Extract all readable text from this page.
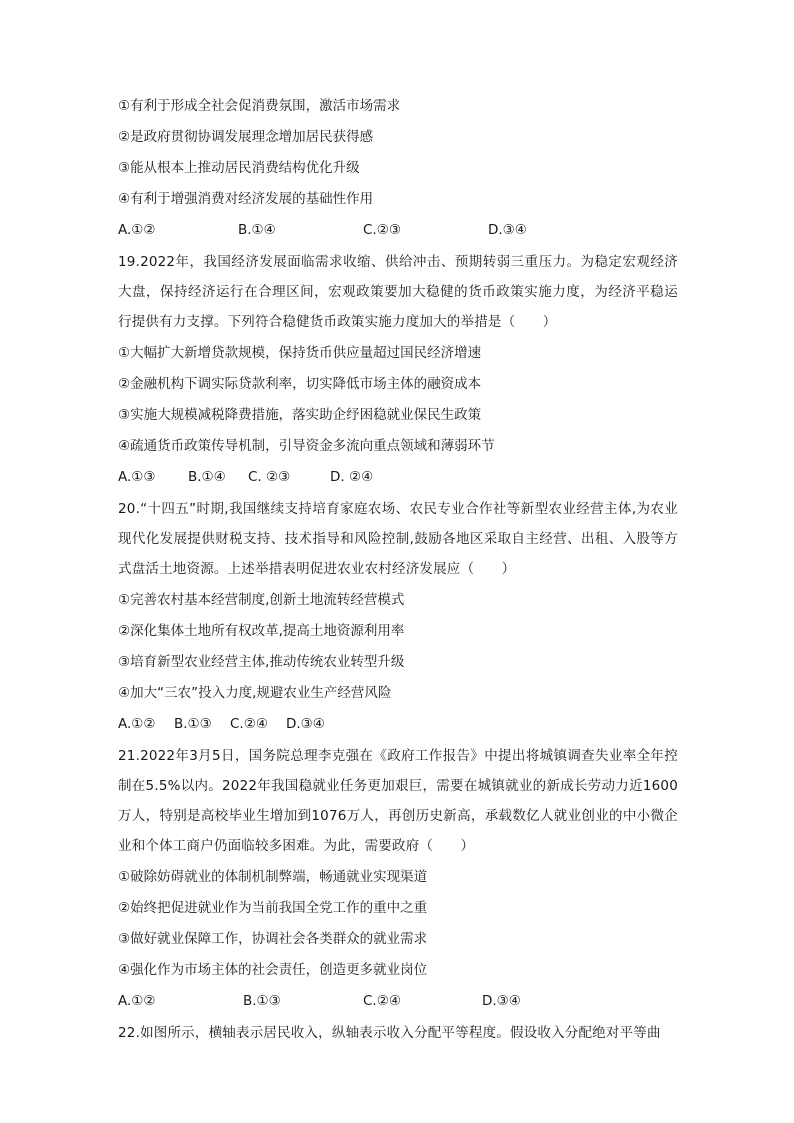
①有利于形成全社会促消费氛围，激活市场需求

②是政府贯彻协调发展理念增加居民获得感

③能从根本上推动居民消费结构优化升级

④有利于增强消费对经济发展的基础性作用

A.①②	B.①④	C.②③	D.③④

19.2022年，我国经济发展面临需求收缩、供给冲击、预期转弱三重压力。为稳定宏观经济大盘，保持经济运行在合理区间，宏观政策要加大稳健的货币政策实施力度，为经济平稳运行提供有力支撑。下列符合稳健货币政策实施力度加大的举措是（　　）

①大幅扩大新增贷款规模，保持货币供应量超过国民经济增速

②金融机构下调实际贷款利率，切实降低市场主体的融资成本

③实施大规模减税降费措施，落实助企纾困稳就业保民生政策

④疏通货币政策传导机制，引导资金多流向重点领域和薄弱环节

A.①③ B.①④ C. ②③	D. ②④

20.“十四五”时期,我国继续支持培育家庭农场、农民专业合作社等新型农业经营主体,为农业现代化发展提供财税支持、技术指导和风险控制,鼓励各地区采取自主经营、出租、入股等方式盘活土地资源。上述举措表明促进农业农村经济发展应（　　）

①完善农村基本经营制度,创新土地流转经营模式

②深化集体土地所有权改革,提高土地资源利用率

③培育新型农业经营主体,推动传统农业转型升级

④加大“三农”投入力度,规避农业生产经营风险

A.①② B.①③ C.②④ D.③④

21.2022年3月5日，国务院总理李克强在《政府工作报告》中提出将城镇调查失业率全年控制在5.5%以内。2022年我国稳就业任务更加艰巨，需要在城镇就业的新成长劳动力近1600万人，特别是高校毕业生增加到1076万人，再创历史新高，承载数亿人就业创业的中小微企业和个体工商户仍面临较多困难。为此，需要政府（　　）

①破除妨碍就业的体制机制弊端，畅通就业实现渠道

②始终把促进就业作为当前我国全党工作的重中之重

③做好就业保障工作，协调社会各类群众的就业需求

④强化作为市场主体的社会责任，创造更多就业岗位

A.①②	B.①③	C.②④	D.③④

22.如图所示，横轴表示居民收入，纵轴表示收入分配平等程度。假设收入分配绝对平等曲
